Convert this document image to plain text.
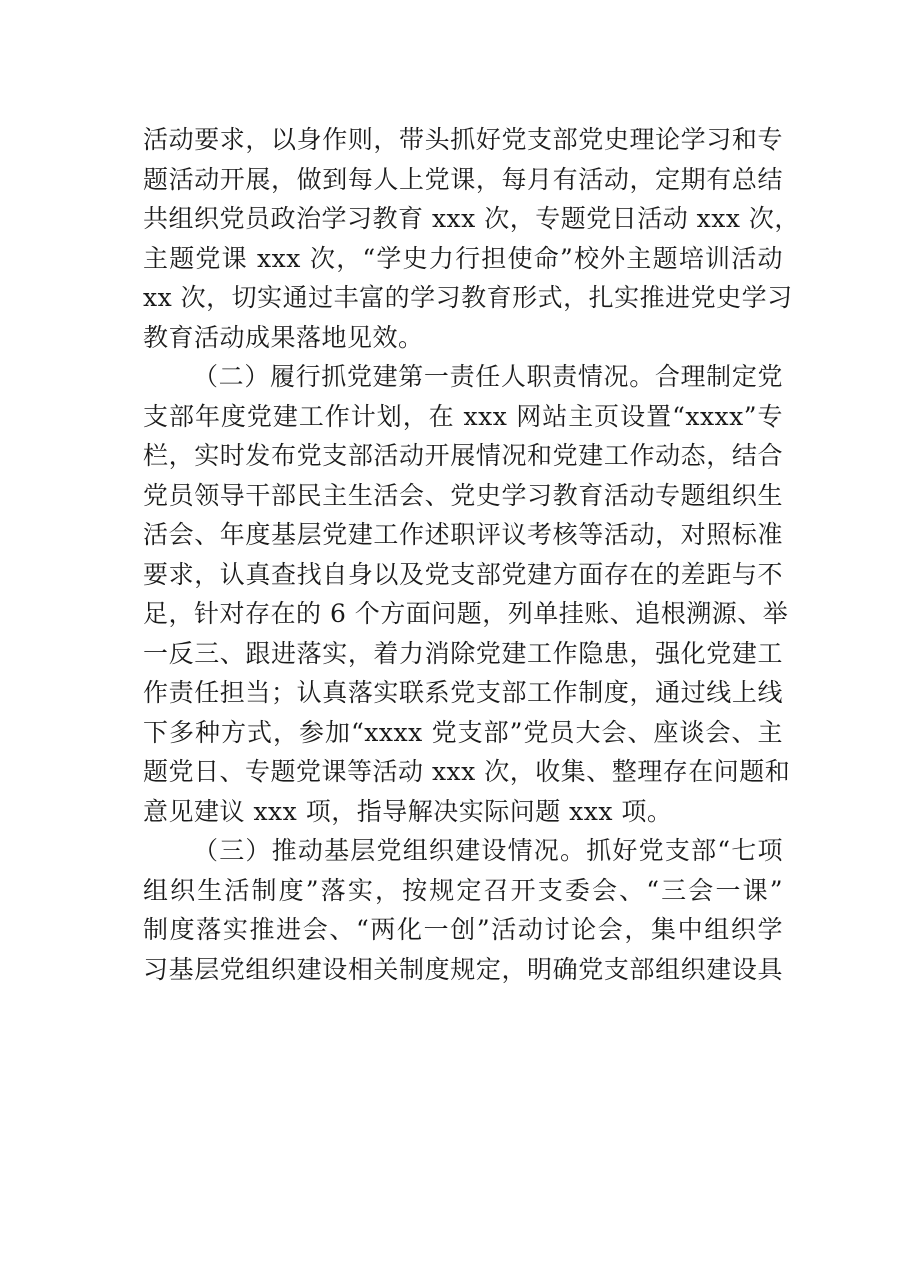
活动要求，以身作则，带头抓好党支部党史理论学习和专
题活动开展，做到每人上党课，每月有活动，定期有总结
共组织党员政治学习教育 xxx 次，专题党日活动 xxx 次，
主题党课 xxx 次，“学史力行担使命”校外主题培训活动
xx 次，切实通过丰富的学习教育形式，扎实推进党史学习
教育活动成果落地见效。
（二）履行抓党建第一责任人职责情况。合理制定党
支部年度党建工作计划，在 xxx 网站主页设置“xxxx”专
栏，实时发布党支部活动开展情况和党建工作动态，结合
党员领导干部民主生活会、党史学习教育活动专题组织生
活会、年度基层党建工作述职评议考核等活动，对照标准
要求，认真查找自身以及党支部党建方面存在的差距与不
足，针对存在的 6 个方面问题，列单挂账、追根溯源、举
一反三、跟进落实，着力消除党建工作隐患，强化党建工
作责任担当；认真落实联系党支部工作制度，通过线上线
下多种方式，参加“xxxx 党支部”党员大会、座谈会、主
题党日、专题党课等活动 xxx 次，收集、整理存在问题和
意见建议 xxx 项，指导解决实际问题 xxx 项。
（三）推动基层党组织建设情况。抓好党支部“七项
组织生活制度”落实，按规定召开支委会、“三会一课”
制度落实推进会、“两化一创”活动讨论会，集中组织学
习基层党组织建设相关制度规定，明确党支部组织建设具
